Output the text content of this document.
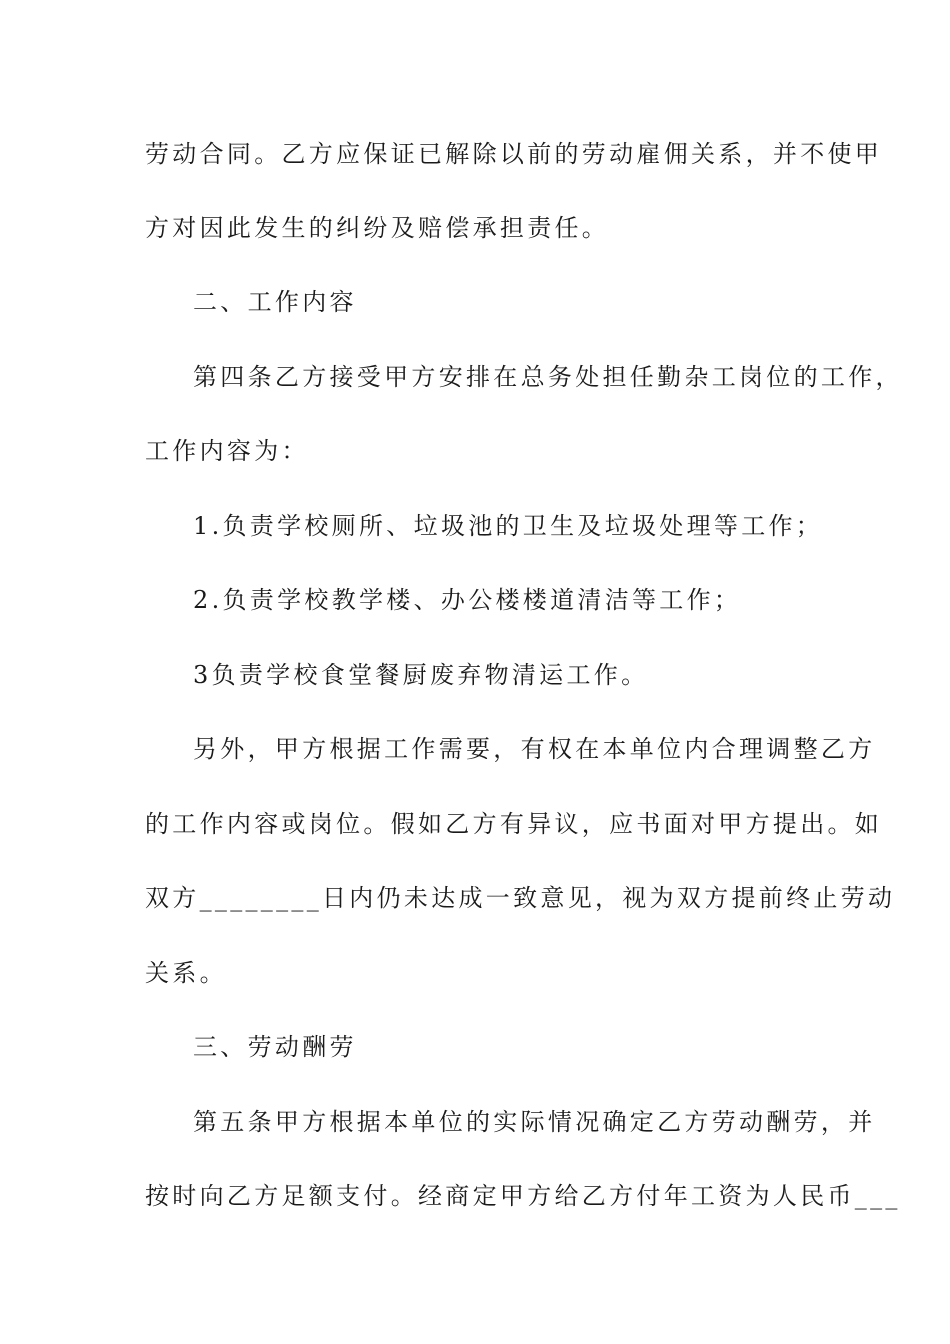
劳动合同。乙方应保证已解除以前的劳动雇佣关系，并不使甲
方对因此发生的纠纷及赔偿承担责任。
二、工作内容
第四条乙方接受甲方安排在总务处担任勤杂工岗位的工作，
工作内容为：
1.负责学校厕所、垃圾池的卫生及垃圾处理等工作；
2.负责学校教学楼、办公楼楼道清洁等工作；
3负责学校食堂餐厨废弃物清运工作。
另外，甲方根据工作需要，有权在本单位内合理调整乙方
的工作内容或岗位。假如乙方有异议，应书面对甲方提出。如
双方________日内仍未达成一致意见，视为双方提前终止劳动
关系。
三、劳动酬劳
第五条甲方根据本单位的实际情况确定乙方劳动酬劳，并
按时向乙方足额支付。经商定甲方给乙方付年工资为人民币___
